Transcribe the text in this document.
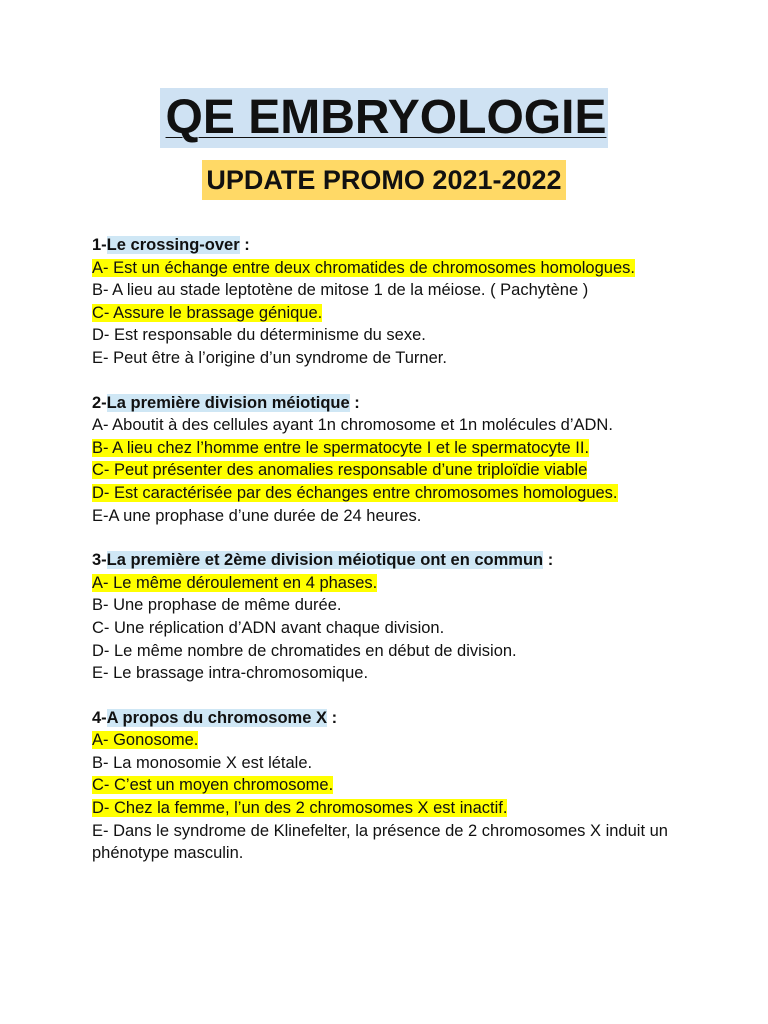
QE EMBRYOLOGIE
UPDATE PROMO 2021-2022
1-Le crossing-over :
A- Est un échange entre deux chromatides de chromosomes homologues.
B- A lieu au stade leptotène de mitose 1 de la méiose. ( Pachytène )
C- Assure le brassage génique.
D- Est responsable du déterminisme du sexe.
E- Peut être à l’origine d’un syndrome de Turner.
2-La première division méiotique :
A- Aboutit à des cellules ayant 1n chromosome et 1n molécules d’ADN.
B- A lieu chez l’homme entre le spermatocyte I et le spermatocyte II.
C- Peut présenter des anomalies responsable d’une triploïdie viable
D- Est caractérisée par des échanges entre chromosomes homologues.
E-A une prophase d’une durée de 24 heures.
3-La première et 2ème division méiotique ont en commun :
A- Le même déroulement en 4 phases.
B- Une prophase de même durée.
C- Une réplication d’ADN avant chaque division.
D- Le même nombre de chromatides en début de division.
E- Le brassage intra-chromosomique.
4-A propos du chromosome X :
A- Gonosome.
B- La monosomie X est létale.
C- C’est un moyen chromosome.
D- Chez la femme, l’un des 2 chromosomes X est inactif.
E- Dans le syndrome de Klinefelter, la présence de 2 chromosomes X induit un phénotype masculin.
